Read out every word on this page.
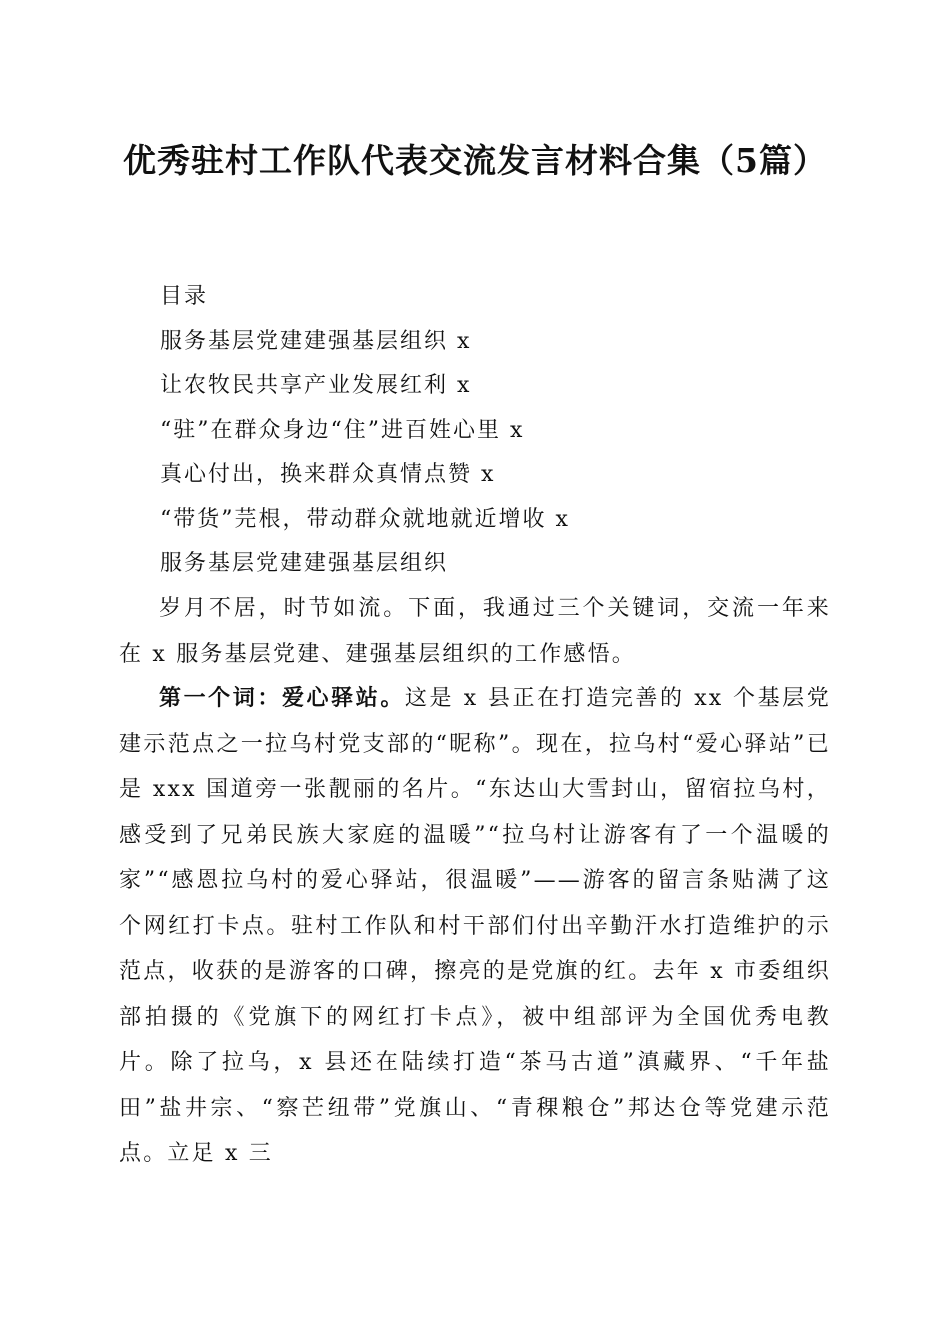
优秀驻村工作队代表交流发言材料合集（5篇）
目录
服务基层党建建强基层组织 x
让农牧民共享产业发展红利 x
“驻”在群众身边“住”进百姓心里 x
真心付出，换来群众真情点赞 x
“带货”芫根，带动群众就地就近增收 x
服务基层党建建强基层组织

岁月不居，时节如流。下面，我通过三个关键词，交流一年来在 x 服务基层党建、建强基层组织的工作感悟。

第一个词：爱心驿站。这是 x 县正在打造完善的 xx 个基层党建示范点之一拉乌村党支部的“昵称”。现在，拉乌村“爱心驿站”已是 xxx 国道旁一张靓丽的名片。“东达山大雪封山，留宿拉乌村，感受到了兄弟民族大家庭的温暖”“拉乌村让游客有了一个温暖的家”“感恩拉乌村的爱心驿站，很温暖”——游客的留言条贴满了这个网红打卡点。驻村工作队和村干部们付出辛勤汗水打造维护的示范点，收获的是游客的口碑，擦亮的是党旗的红。去年 x 市委组织部拍摄的《党旗下的网红打卡点》，被中组部评为全国优秀电教片。除了拉乌，x 县还在陆续打造“茶马古道”滇藏界、“千年盐田”盐井宗、“察芒纽带”党旗山、“青稞粮仓”邦达仓等党建示范点。立足 x 三
